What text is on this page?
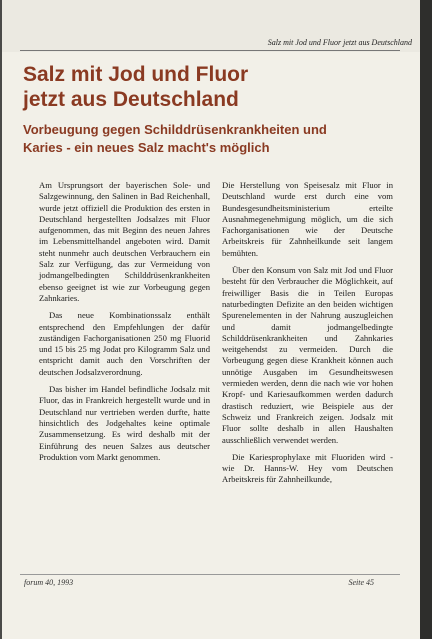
Salz mit Jod und Fluor jetzt aus Deutschland
Salz mit Jod und Fluor
jetzt aus Deutschland
Vorbeugung gegen Schilddrüsenkrankheiten und
Karies - ein neues Salz macht's möglich

Am Ursprungsort der bayerischen Sole- und Salzgewinnung, den Salinen in Bad Reichenhall, wurde jetzt offiziell die Produktion des ersten in Deutschland hergestellten Jodsalzes mit Fluor aufgenommen, das mit Beginn des neuen Jahres im Lebensmittelhandel angeboten wird. Damit steht nunmehr auch deutschen Verbrauchern ein Salz zur Verfügung, das zur Vermeidung von jodmangelbedingten Schilddrüsenkrankheiten ebenso geeignet ist wie zur Vorbeugung gegen Zahnkaries.

Das neue Kombinationssalz enthält entsprechend den Empfehlungen der dafür zuständigen Fachorganisationen 250 mg Fluorid und 15 bis 25 mg Jodat pro Kilogramm Salz und entspricht damit auch den Vorschriften der deutschen Jodsalzverordnung.

Das bisher im Handel befindliche Jodsalz mit Fluor, das in Frankreich hergestellt wurde und in Deutschland nur vertrieben werden durfte, hatte hinsichtlich des Jodgehaltes keine optimale Zusammensetzung. Es wird deshalb mit der Einführung des neuen Salzes aus deutscher Produktion vom Markt genommen.

Die Herstellung von Speisesalz mit Fluor in Deutschland wurde erst durch eine vom Bundesgesundheitsministerium erteilte Ausnahmegenehmigung möglich, um die sich Fachorganisationen wie der Deutsche Arbeitskreis für Zahnheilkunde seit langem bemühten.

Über den Konsum von Salz mit Jod und Fluor besteht für den Verbraucher die Möglichkeit, auf freiwilliger Basis die in Teilen Europas naturbedingten Defizite an den beiden wichtigen Spurenelementen in der Nahrung auszugleichen und damit jodmangelbedingte Schilddrüsenkrankheiten und Zahnkaries weitgehendst zu vermeiden. Durch die Vorbeugung gegen diese Krankheit können auch unnötige Ausgaben im Gesundheitswesen vermieden werden, denn die nach wie vor hohen Kropf- und Kariesaufkommen werden dadurch drastisch reduziert, wie Beispiele aus der Schweiz und Frankreich zeigen. Jodsalz mit Fluor sollte deshalb in allen Haushalten ausschließlich verwendet werden.

Die Kariesprophylaxe mit Fluoriden wird - wie Dr. Hanns-W. Hey vom Deutschen Arbeitskreis für Zahnheilkunde,

forum 40, 1993	Seite 45
